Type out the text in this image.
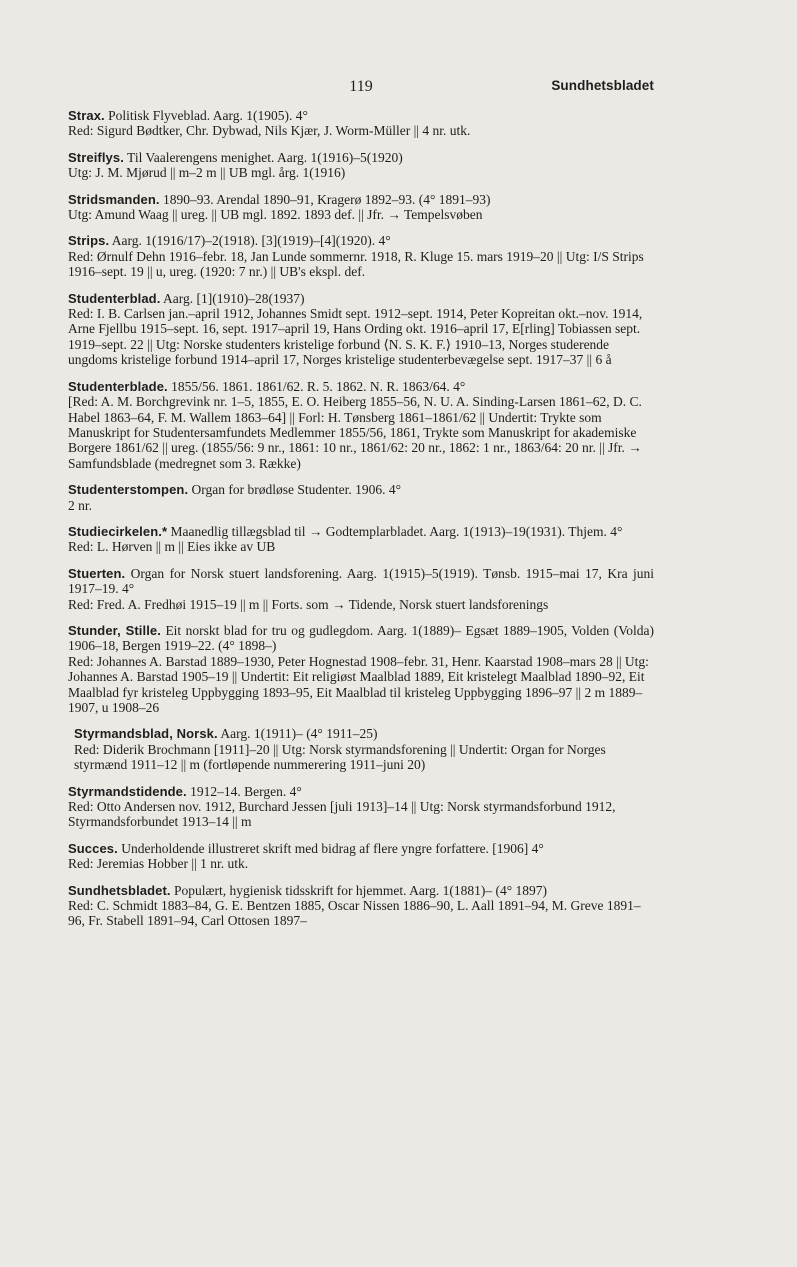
119	Sundhetsbladet

Strax. Politisk Flyveblad. Aarg. 1(1905). 4°

Red: Sigurd Bødtker, Chr. Dybwad, Nils Kjær, J. Worm-Müller || 4 nr. utk.

Streiflys. Til Vaalerengens menighet. Aarg. 1(1916)–5(1920)

Utg: J. M. Mjørud || m–2 m || UB mgl. årg. 1(1916)

Stridsmanden. 1890–93. Arendal 1890–91, Kragerø 1892–93. (4° 1891–93)

Utg: Amund Waag || ureg. || UB mgl. 1892. 1893 def. || Jfr. → Tempelsvøben

Strips. Aarg. 1(1916/17)–2(1918). [3](1919)–[4](1920). 4°

Red: Ørnulf Dehn 1916–febr. 18, Jan Lunde sommernr. 1918, R. Kluge 15. mars 1919–20 || Utg: I/S Strips 1916–sept. 19 || u, ureg. (1920: 7 nr.) || UB's ekspl. def.

Studenterblad. Aarg. [1](1910)–28(1937)

Red: I. B. Carlsen jan.–april 1912, Johannes Smidt sept. 1912–sept. 1914, Peter Kopreitan okt.–nov. 1914, Arne Fjellbu 1915–sept. 16, sept. 1917–april 19, Hans Ording okt. 1916–april 17, E[rling] Tobiassen sept. 1919–sept. 22 || Utg: Norske studenters kristelige forbund ⟨N. S. K. F.⟩ 1910–13, Norges studerende ungdoms kristelige forbund 1914–april 17, Norges kristelige studenterbevægelse sept. 1917–37 || 6 å

Studenterblade. 1855/56. 1861. 1861/62. R. 5. 1862. N. R. 1863/64. 4°

[Red: A. M. Borchgrevink nr. 1–5, 1855, E. O. Heiberg 1855–56, N. U. A. Sinding-Larsen 1861–62, D. C. Habel 1863–64, F. M. Wallem 1863–64] || Forl: H. Tønsberg 1861–1861/62 || Undertit: Trykte som Manuskript for Studentersamfundets Medlemmer 1855/56, 1861, Trykte som Manuskript for akademiske Borgere 1861/62 || ureg. (1855/56: 9 nr., 1861: 10 nr., 1861/62: 20 nr., 1862: 1 nr., 1863/64: 20 nr. || Jfr. → Samfundsblade (medregnet som 3. Række)

Studenterstompen. Organ for brødløse Studenter. 1906. 4°

2 nr.

Studiecirkelen.* Maanedlig tillægsblad til → Godtemplarbladet. Aarg. 1(1913)–19(1931). Thjem. 4°

Red: L. Hørven || m || Eies ikke av UB

Stuerten. Organ for Norsk stuert landsforening. Aarg. 1(1915)–5(1919). Tønsb. 1915–mai 17, Kra juni 1917–19. 4°

Red: Fred. A. Fredhøi 1915–19 || m || Forts. som → Tidende, Norsk stuert landsforenings

Stunder, Stille. Eit norskt blad for tru og gudlegdom. Aarg. 1(1889)– Egsæt 1889–1905, Volden (Volda) 1906–18, Bergen 1919–22. (4° 1898–)

Red: Johannes A. Barstad 1889–1930, Peter Hognestad 1908–febr. 31, Henr. Kaarstad 1908–mars 28 || Utg: Johannes A. Barstad 1905–19 || Undertit: Eit religiøst Maalblad 1889, Eit kristelegt Maalblad 1890–92, Eit Maalblad fyr kristeleg Uppbygging 1893–95, Eit Maalblad til kristeleg Uppbygging 1896–97 || 2 m 1889–1907, u 1908–26

Styrmandsblad, Norsk. Aarg. 1(1911)– (4° 1911–25)

Red: Diderik Brochmann [1911]–20 || Utg: Norsk styrmandsforening || Undertit: Organ for Norges styrmænd 1911–12 || m (fortløpende nummerering 1911–juni 20)

Styrmandstidende. 1912–14. Bergen. 4°

Red: Otto Andersen nov. 1912, Burchard Jessen [juli 1913]–14 || Utg: Norsk styrmandsforbund 1912, Styrmandsforbundet 1913–14 || m

Succes. Underholdende illustreret skrift med bidrag af flere yngre forfattere. [1906] 4°

Red: Jeremias Hobber || 1 nr. utk.

Sundhetsbladet. Populært, hygienisk tidsskrift for hjemmet. Aarg. 1(1881)– (4° 1897)

Red: C. Schmidt 1883–84, G. E. Bentzen 1885, Oscar Nissen 1886–90, L. Aall 1891–94, M. Greve 1891–96, Fr. Stabell 1891–94, Carl Ottosen 1897–
